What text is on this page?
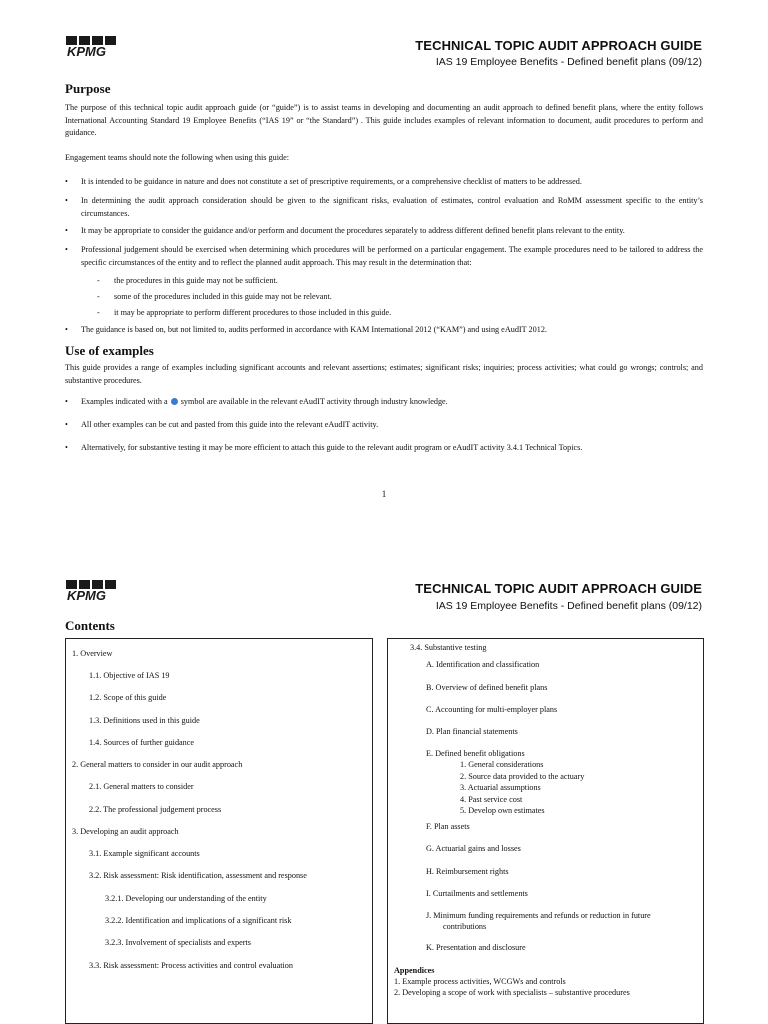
KPMG	TECHNICAL TOPIC AUDIT APPROACH GUIDE
IAS 19 Employee Benefits - Defined benefit plans (09/12)
Purpose
The purpose of this technical topic audit approach guide (or “guide”) is to assist teams in developing and documenting an audit approach to defined benefit plans, where the entity follows International Accounting Standard 19 Employee Benefits (“IAS 19” or “the Standard”) . This guide includes examples of relevant information to document, audit procedures to perform and guidance.
Engagement teams should note the following when using this guide:
• It is intended to be guidance in nature and does not constitute a set of prescriptive requirements, or a comprehensive checklist of matters to be addressed.
• In determining the audit approach consideration should be given to the significant risks, evaluation of estimates, control evaluation and RoMM assessment specific to the entity’s circumstances.
• It may be appropriate to consider the guidance and/or perform and document the procedures separately to address different defined benefit plans relevant to the entity.
• Professional judgement should be exercised when determining which procedures will be performed on a particular engagement. The example procedures need to be tailored to address the specific circumstances of the entity and to reflect the planned audit approach. This may result in the determination that:
- the procedures in this guide may not be sufficient.
- some of the procedures included in this guide may not be relevant.
- it may be appropriate to perform different procedures to those included in this guide.
• The guidance is based on, but not limited to, audits performed in accordance with KAM International 2012 (“KAM”) and using eAudIT 2012.
Use of examples
This guide provides a range of examples including significant accounts and relevant assertions; estimates; significant risks; inquiries; process activities; what could go wrongs; controls; and substantive procedures.
• Examples indicated with a symbol are available in the relevant eAudIT activity through industry knowledge.
• All other examples can be cut and pasted from this guide into the relevant eAudIT activity.
• Alternatively, for substantive testing it may be more efficient to attach this guide to the relevant audit program or eAudIT activity 3.4.1 Technical Topics.
1
KPMG	TECHNICAL TOPIC AUDIT APPROACH GUIDE
IAS 19 Employee Benefits - Defined benefit plans (09/12)
Contents
1. Overview
1.1. Objective of IAS 19
1.2. Scope of this guide
1.3. Definitions used in this guide
1.4. Sources of further guidance
2. General matters to consider in our audit approach
2.1. General matters to consider
2.2. The professional judgement process
3. Developing an audit approach
3.1. Example significant accounts
3.2. Risk assessment: Risk identification, assessment and response
3.2.1. Developing our understanding of the entity
3.2.2. Identification and implications of a significant risk
3.2.3. Involvement of specialists and experts
3.3. Risk assessment: Process activities and control evaluation
3.4. Substantive testing
A. Identification and classification
B. Overview of defined benefit plans
C. Accounting for multi-employer plans
D. Plan financial statements
E. Defined benefit obligations
1. General considerations
2. Source data provided to the actuary
3. Actuarial assumptions
4. Past service cost
5. Develop own estimates
F. Plan assets
G. Actuarial gains and losses
H. Reimbursement rights
I. Curtailments and settlements
J. Minimum funding requirements and refunds or reduction in future
contributions
K. Presentation and disclosure
Appendices
1. Example process activities, WCGWs and controls
2. Developing a scope of work with specialists – substantive procedures
